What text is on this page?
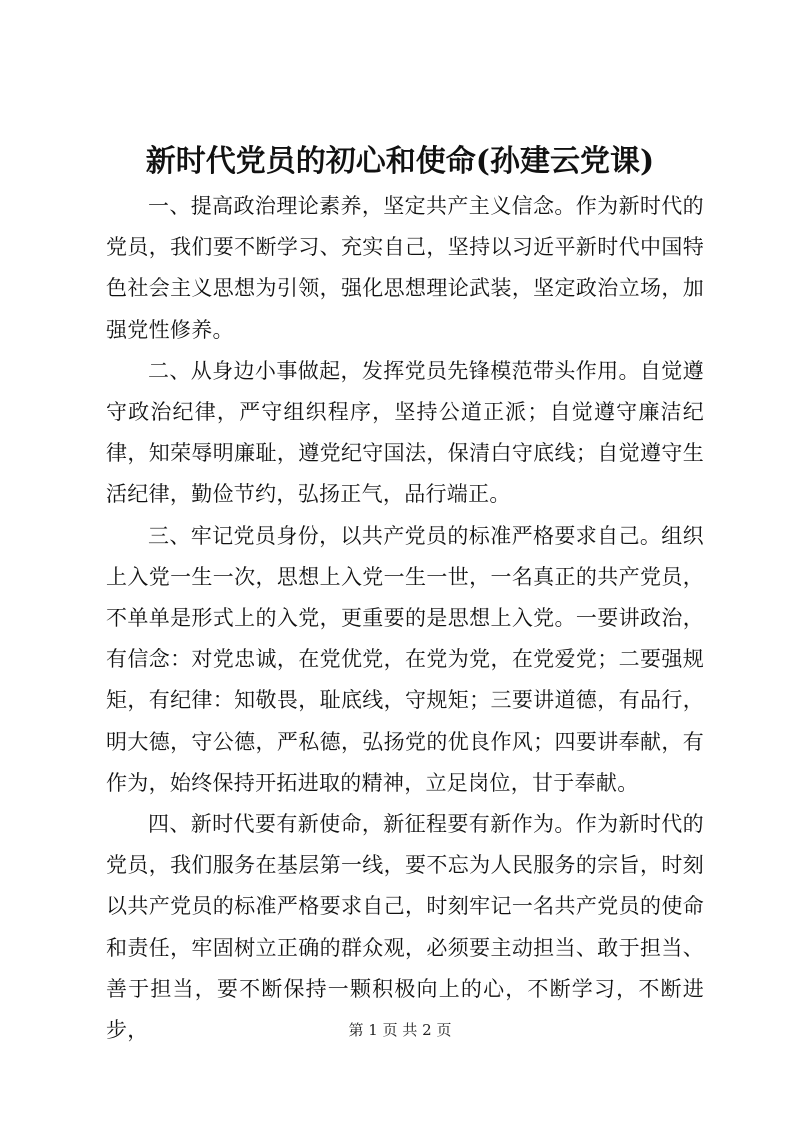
新时代党员的初心和使命(孙建云党课)

一、提高政治理论素养，坚定共产主义信念。作为新时代的党员，我们要不断学习、充实自己，坚持以习近平新时代中国特色社会主义思想为引领，强化思想理论武装，坚定政治立场，加强党性修养。

二、从身边小事做起，发挥党员先锋模范带头作用。自觉遵守政治纪律，严守组织程序，坚持公道正派；自觉遵守廉洁纪律，知荣辱明廉耻，遵党纪守国法，保清白守底线；自觉遵守生活纪律，勤俭节约，弘扬正气，品行端正。

三、牢记党员身份，以共产党员的标准严格要求自己。组织上入党一生一次，思想上入党一生一世，一名真正的共产党员，不单单是形式上的入党，更重要的是思想上入党。一要讲政治，有信念：对党忠诚，在党优党，在党为党，在党爱党；二要强规矩，有纪律：知敬畏，耻底线，守规矩；三要讲道德，有品行，明大德，守公德，严私德，弘扬党的优良作风；四要讲奉献，有作为，始终保持开拓进取的精神，立足岗位，甘于奉献。

四、新时代要有新使命，新征程要有新作为。作为新时代的党员，我们服务在基层第一线，要不忘为人民服务的宗旨，时刻以共产党员的标准严格要求自己，时刻牢记一名共产党员的使命和责任，牢固树立正确的群众观，必须要主动担当、敢于担当、善于担当，要不断保持一颗积极向上的心，不断学习，不断进步，	第 1 页 共 2 页
